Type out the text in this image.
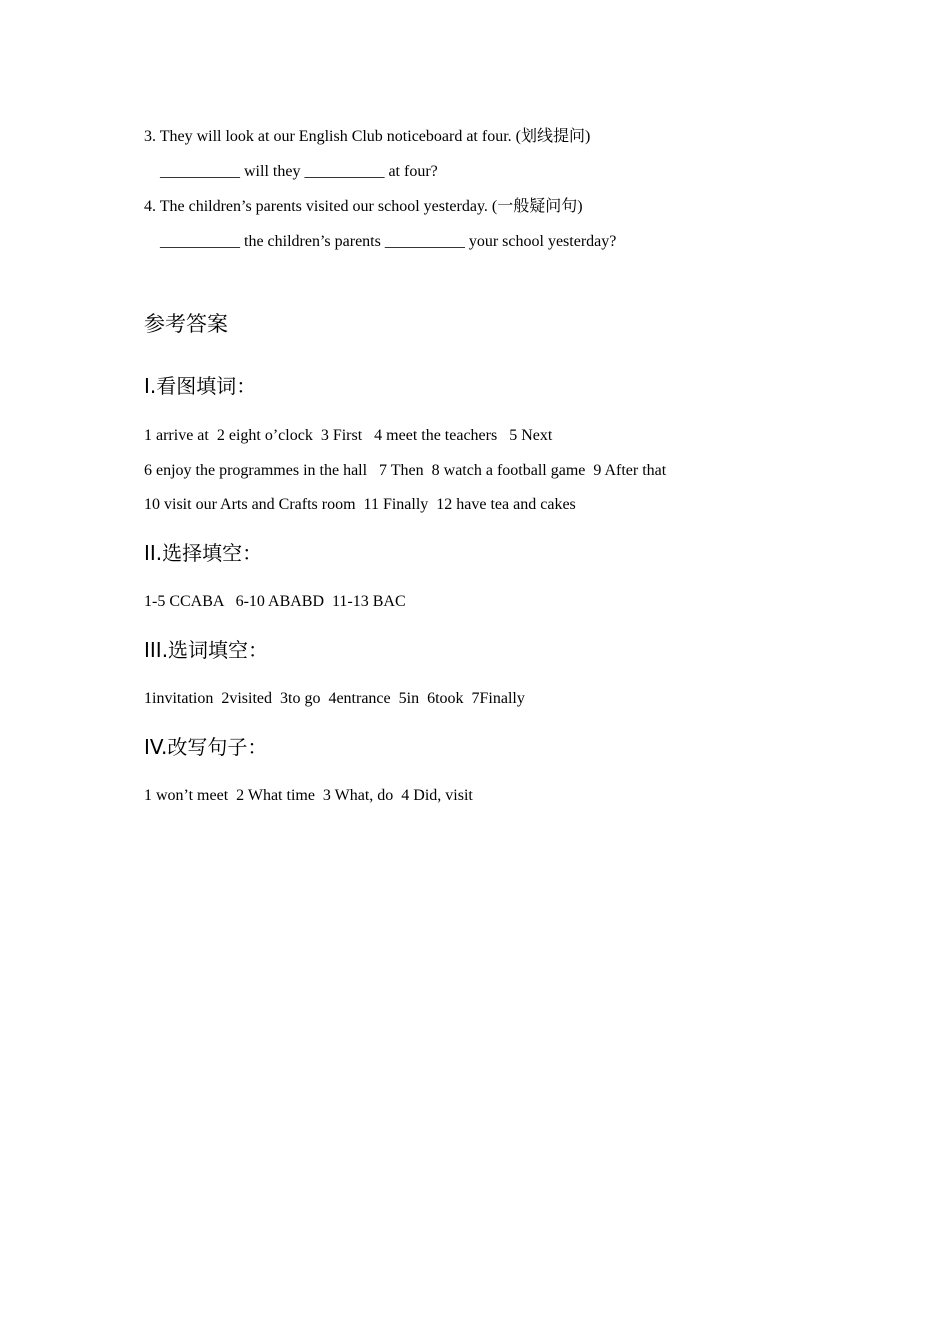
3. They will look at our English Club noticeboard at four. (划线提问)
__________ will they __________ at four?
4. The children’s parents visited our school yesterday. (一般疑问句)
__________ the children’s parents __________ your school yesterday?
参考答案
I.看图填词：
1 arrive at  2 eight o’clock  3 First   4 meet the teachers   5 Next
6 enjoy the programmes in the hall   7 Then  8 watch a football game  9 After that
10 visit our Arts and Crafts room  11 Finally  12 have tea and cakes
II.选择填空：
1-5 CCABA   6-10 ABABD  11-13 BAC
III.选词填空：
1invitation  2visited  3to go  4entrance  5in  6took  7Finally
IV.改写句子：
1 won’t meet  2 What time  3 What, do  4 Did, visit
